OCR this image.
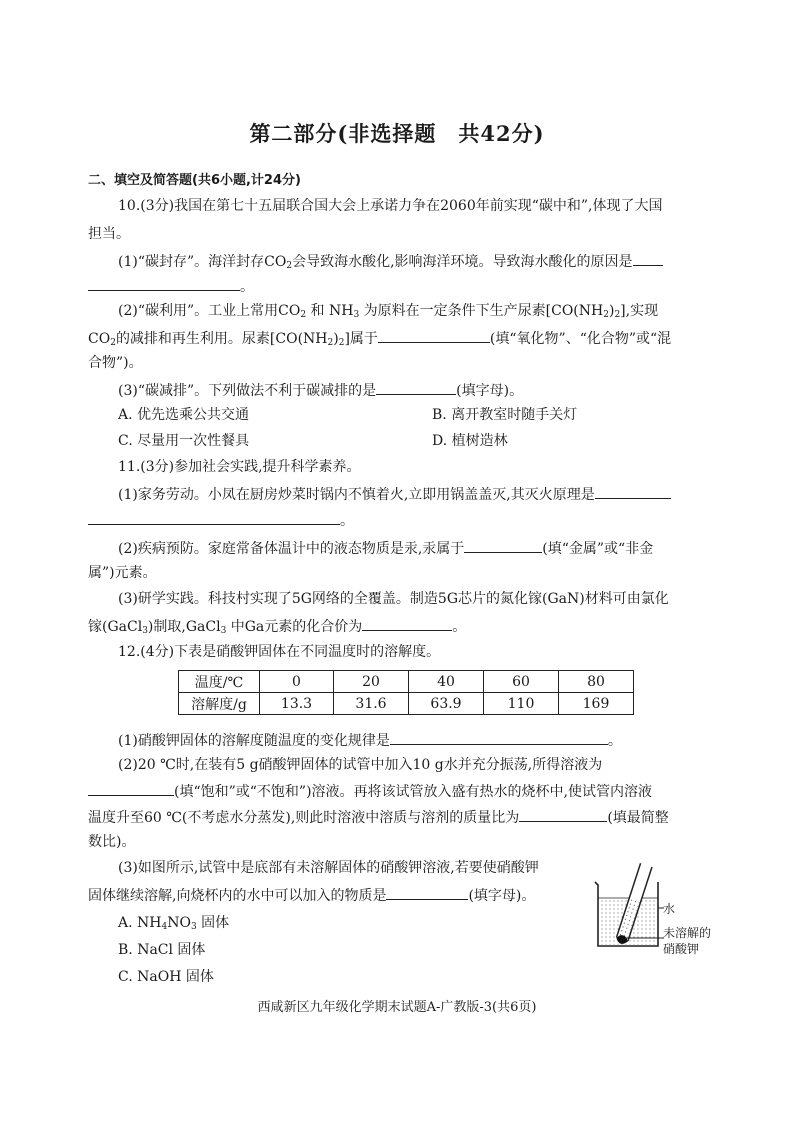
第二部分(非选择题　共42分)
二、填空及简答题(共6小题,计24分)
10.(3分)我国在第七十五届联合国大会上承诺力争在2060年前实现“碳中和”,体现了大国
担当。
(1)“碳封存”。海洋封存$CO_2$会导致海水酸化,影响海洋环境。导致海水酸化的原因是
。
(2)“碳利用”。工业上常用$CO_2$ 和 $NH_3$ 为原料在一定条件下生产尿素$[CO(NH_2)_2]$,实现
$CO_2$的减排和再生利用。尿素$[CO(NH_2)_2]$属于	(填“氧化物”、“化合物”或“混
合物”)。
(3)“碳减排”。下列做法不利于碳减排的是	(填字母)。
A. 优先选乘公共交通	B. 离开教室时随手关灯
C. 尽量用一次性餐具	D. 植树造林
11.(3分)参加社会实践,提升科学素养。
(1)家务劳动。小凤在厨房炒菜时锅内不慎着火,立即用锅盖盖灭,其灭火原理是
。
(2)疾病预防。家庭常备体温计中的液态物质是汞,汞属于	(填“金属”或“非金
属”)元素。
(3)研学实践。科技村实现了5G网络的全覆盖。制造5G芯片的氮化镓(GaN)材料可由氯化
镓(GaCl$_3$)制取,GaCl$_3$ 中Ga元素的化合价为	。
12.(4分)下表是硝酸钾固体在不同温度时的溶解度。
温度/℃	0	20	40	60	80
溶解度/g	13.3	31.6	63.9	110	169
(1)硝酸钾固体的溶解度随温度的变化规律是	。
(2)20 ℃时,在装有5 g硝酸钾固体的试管中加入10 g水并充分振荡,所得溶液为
(填“饱和”或“不饱和”)溶液。再将该试管放入盛有热水的烧杯中,使试管内溶液
温度升至60 ℃(不考虑水分蒸发),则此时溶液中溶质与溶剂的质量比为	(填最简整
数比)。
(3)如图所示,试管中是底部有未溶解固体的硝酸钾溶液,若要使硝酸钾
固体继续溶解,向烧杯内的水中可以加入的物质是	(填字母)。
A. $NH_4NO_3$ 固体
B. NaCl 固体
C. NaOH 固体
水
未溶解的
硝酸钾
西咸新区九年级化学期末试题A-广教版-3(共6页)
